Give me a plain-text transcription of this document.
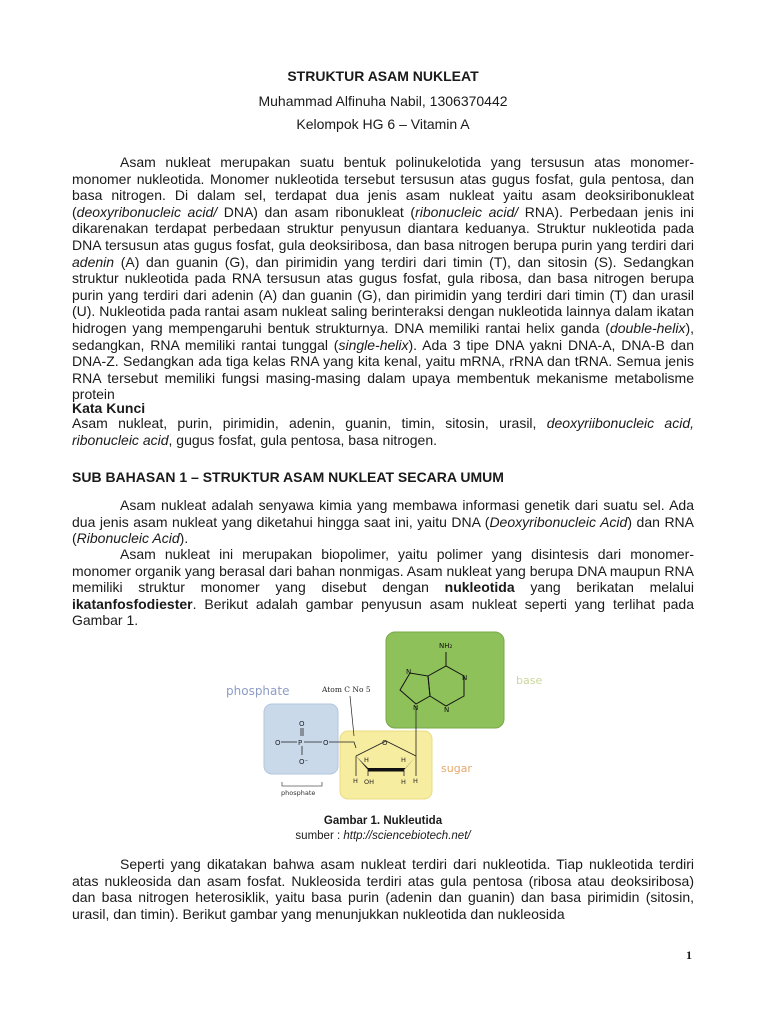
STRUKTUR ASAM NUKLEAT
Muhammad Alfinuha Nabil, 1306370442
Kelompok HG 6 – Vitamin A

Asam nukleat merupakan suatu bentuk polinukelotida yang tersusun atas monomer-monomer nukleotida. Monomer nukleotida tersebut tersusun atas gugus fosfat, gula pentosa, dan basa nitrogen. Di dalam sel, terdapat dua jenis asam nukleat yaitu asam deoksiribonukleat (deoxyribonucleic acid/ DNA) dan asam ribonukleat (ribonucleic acid/ RNA). Perbedaan jenis ini dikarenakan terdapat perbedaan struktur penyusun diantara keduanya. Struktur nukleotida pada DNA tersusun atas gugus fosfat, gula deoksiribosa, dan basa nitrogen berupa purin yang terdiri dari adenin (A) dan guanin (G), dan pirimidin yang terdiri dari timin (T), dan sitosin (S). Sedangkan struktur nukleotida pada RNA tersusun atas gugus fosfat, gula ribosa, dan basa nitrogen berupa purin yang terdiri dari adenin (A) dan guanin (G), dan pirimidin yang terdiri dari timin (T) dan urasil (U). Nukleotida pada rantai asam nukleat saling berinteraksi dengan nukleotida lainnya dalam ikatan hidrogen yang mempengaruhi bentuk strukturnya. DNA memiliki rantai helix ganda (double-helix), sedangkan, RNA memiliki rantai tunggal (single-helix). Ada 3 tipe DNA yakni DNA-A, DNA-B dan DNA-Z. Sedangkan ada tiga kelas RNA yang kita kenal, yaitu mRNA, rRNA dan tRNA. Semua jenis RNA tersebut memiliki fungsi masing-masing dalam upaya membentuk mekanisme metabolisme protein

Kata Kunci

Asam nukleat, purin, pirimidin, adenin, guanin, timin, sitosin, urasil, deoxyriibonucleic acid, ribonucleic acid, gugus fosfat, gula pentosa, basa nitrogen.

SUB BAHASAN 1 – STRUKTUR ASAM NUKLEAT SECARA UMUM

Asam nukleat adalah senyawa kimia yang membawa informasi genetik dari suatu sel. Ada dua jenis asam nukleat yang diketahui hingga saat ini, yaitu DNA (Deoxyribonucleic Acid) dan RNA (Ribonucleic Acid).

Asam nukleat ini merupakan biopolimer, yaitu polimer yang disintesis dari monomer-monomer organik yang berasal dari bahan nonmigas. Asam nukleat yang berupa DNA maupun RNA memiliki struktur monomer yang disebut dengan nukleotida yang berikatan melalui ikatanfosfodiester. Berikut adalah gambar penyusun asam nukleat seperti yang terlihat pada Gambar 1.

phosphate	Atom C No 5
base
sugar
phosphate
O P
O
O⁻
O	O
H
H
OH
H
H H
N
N
N
N
NH₂
Gambar 1. Nukleutida
sumber : http://sciencebiotech.net/

Seperti yang dikatakan bahwa asam nukleat terdiri dari nukleotida. Tiap nukleotida terdiri atas nukleosida dan asam fosfat. Nukleosida terdiri atas gula pentosa (ribosa atau deoksiribosa) dan basa nitrogen heterosiklik, yaitu basa purin (adenin dan guanin) dan basa pirimidin (sitosin, urasil, dan timin). Berikut gambar yang menunjukkan nukleotida dan nukleosida

1
